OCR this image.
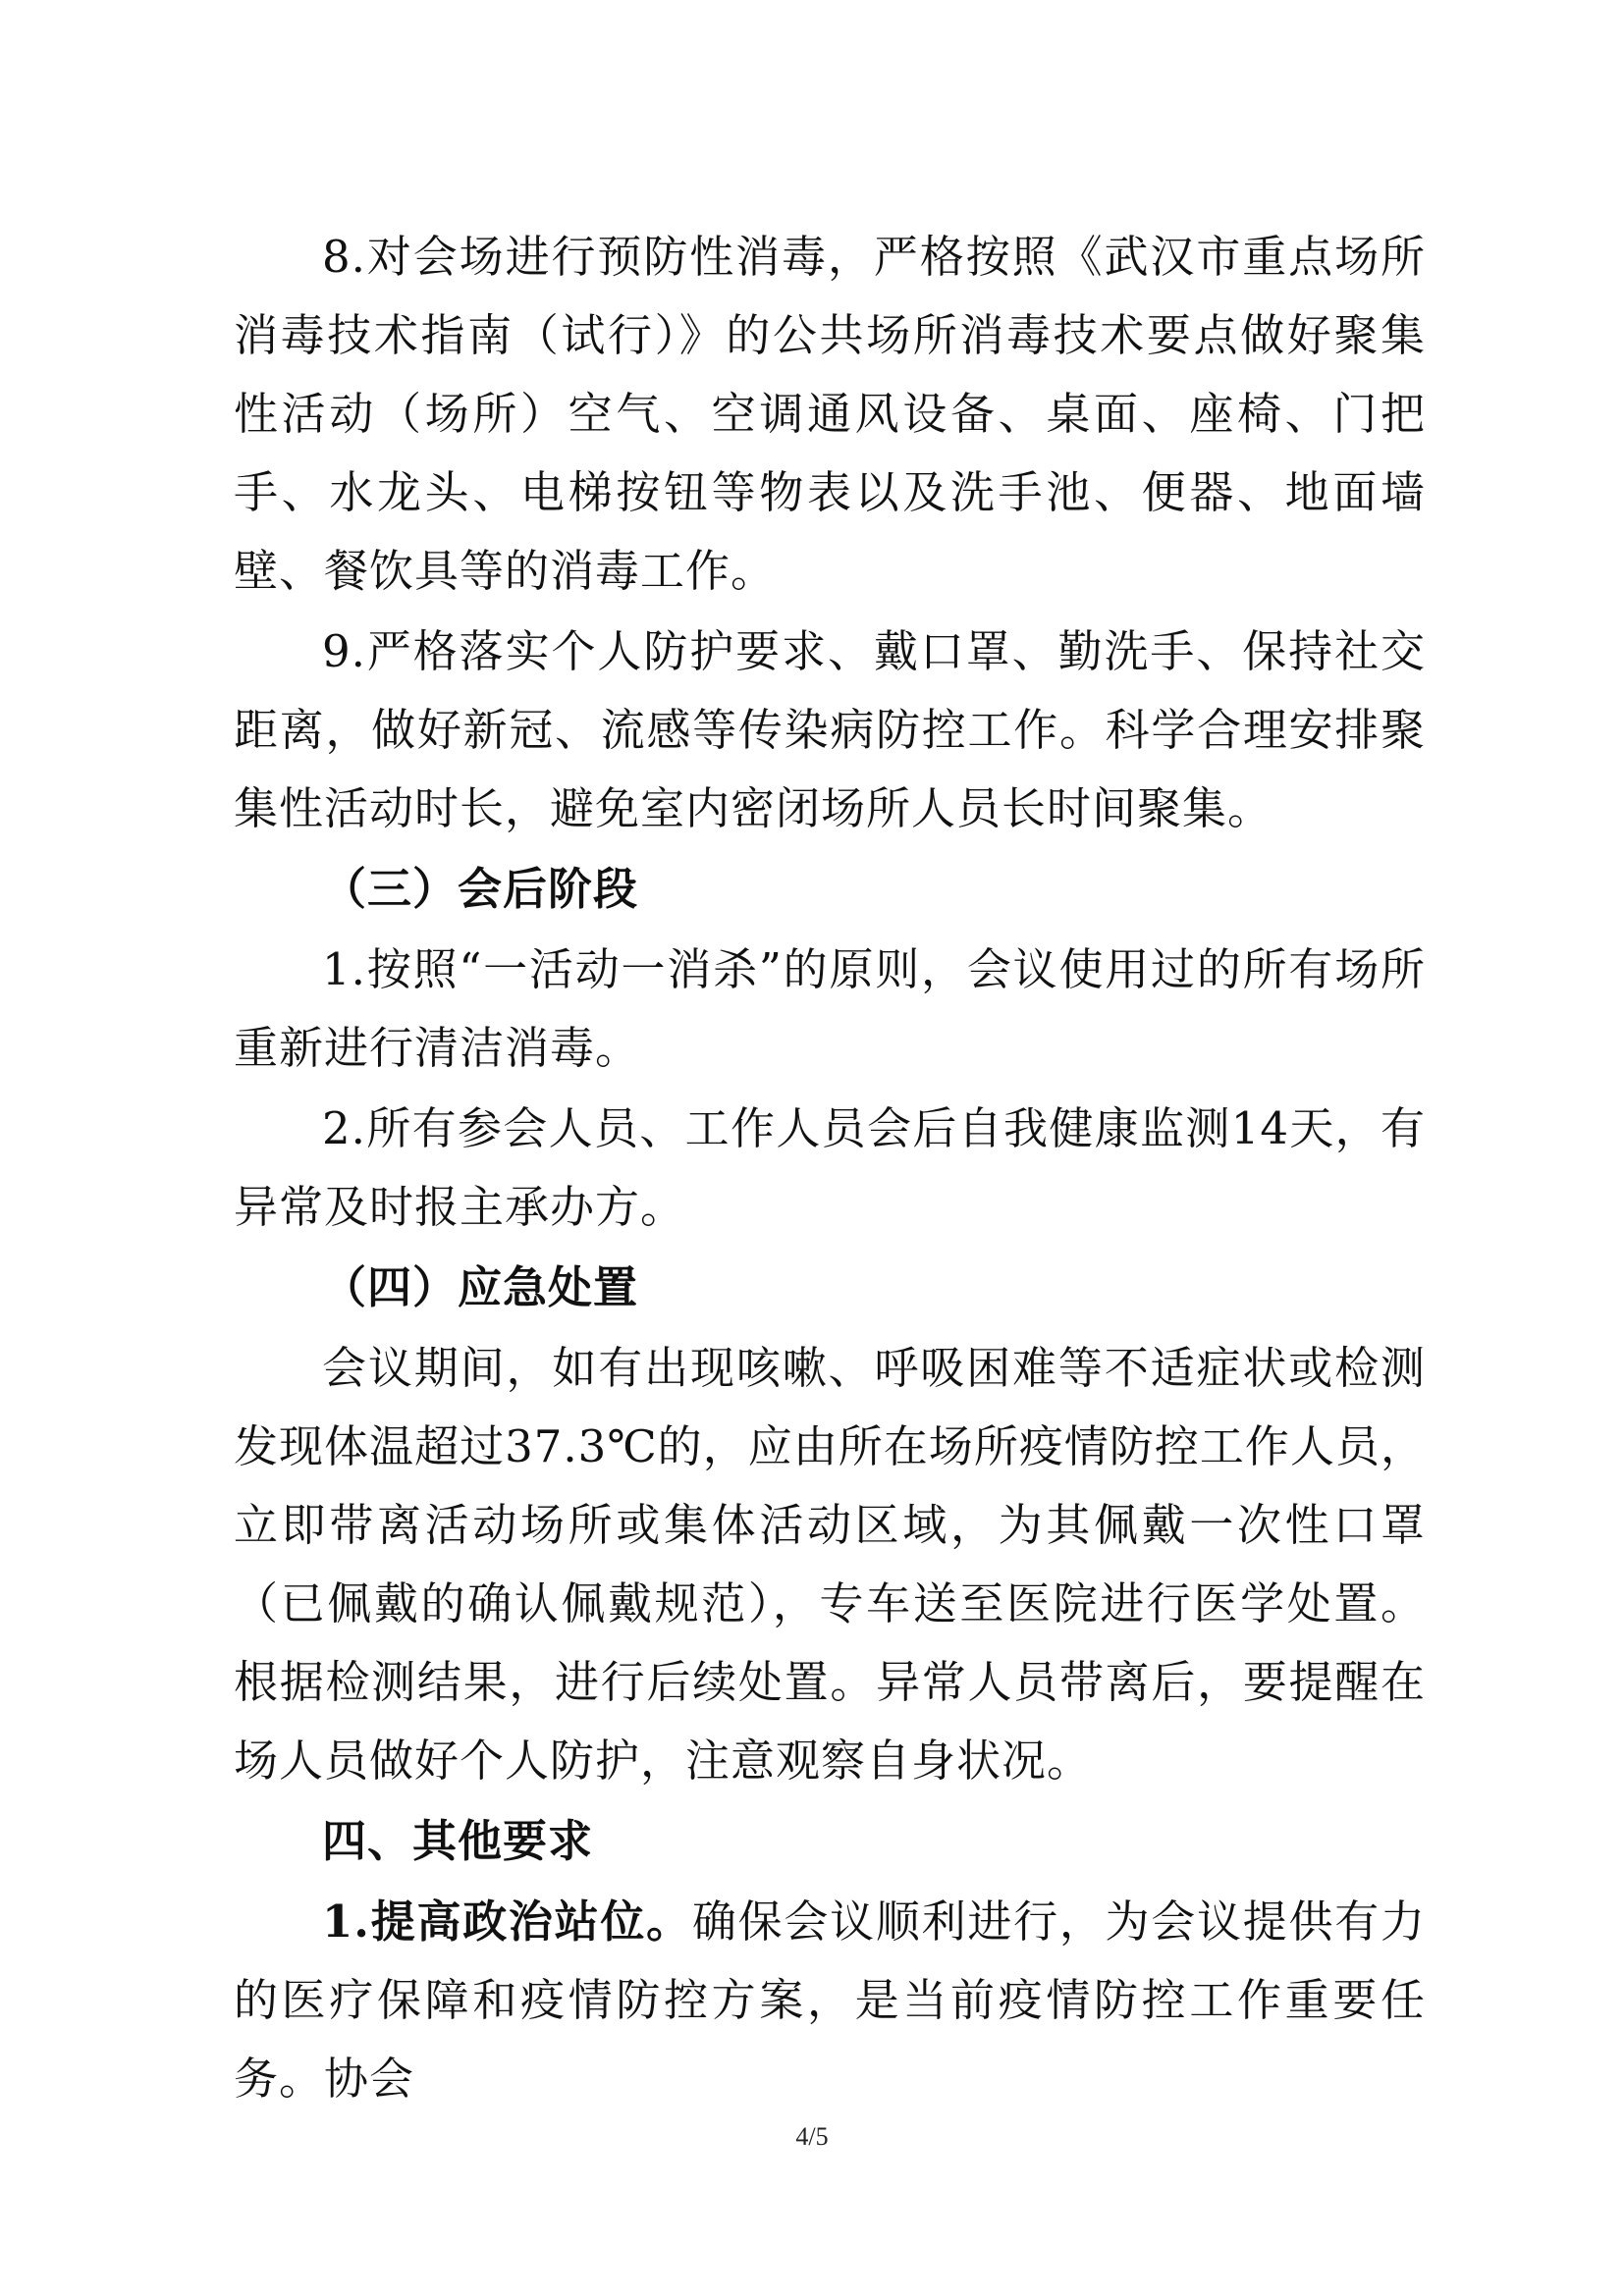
8.对会场进行预防性消毒，严格按照《武汉市重点场所消毒技术指南（试行）》的公共场所消毒技术要点做好聚集性活动（场所）空气、空调通风设备、桌面、座椅、门把手、水龙头、电梯按钮等物表以及洗手池、便器、地面墙壁、餐饮具等的消毒工作。

9.严格落实个人防护要求、戴口罩、勤洗手、保持社交距离，做好新冠、流感等传染病防控工作。科学合理安排聚集性活动时长，避免室内密闭场所人员长时间聚集。

（三）会后阶段

1.按照“一活动一消杀”的原则，会议使用过的所有场所重新进行清洁消毒。

2.所有参会人员、工作人员会后自我健康监测14天，有异常及时报主承办方。

（四）应急处置

会议期间，如有出现咳嗽、呼吸困难等不适症状或检测发现体温超过37.3℃的，应由所在场所疫情防控工作人员，立即带离活动场所或集体活动区域，为其佩戴一次性口罩（已佩戴的确认佩戴规范），专车送至医院进行医学处置。根据检测结果，进行后续处置。异常人员带离后，要提醒在场人员做好个人防护，注意观察自身状况。

四、其他要求

1.提高政治站位。确保会议顺利进行，为会议提供有力的医疗保障和疫情防控方案，是当前疫情防控工作重要任务。协会

4/5
